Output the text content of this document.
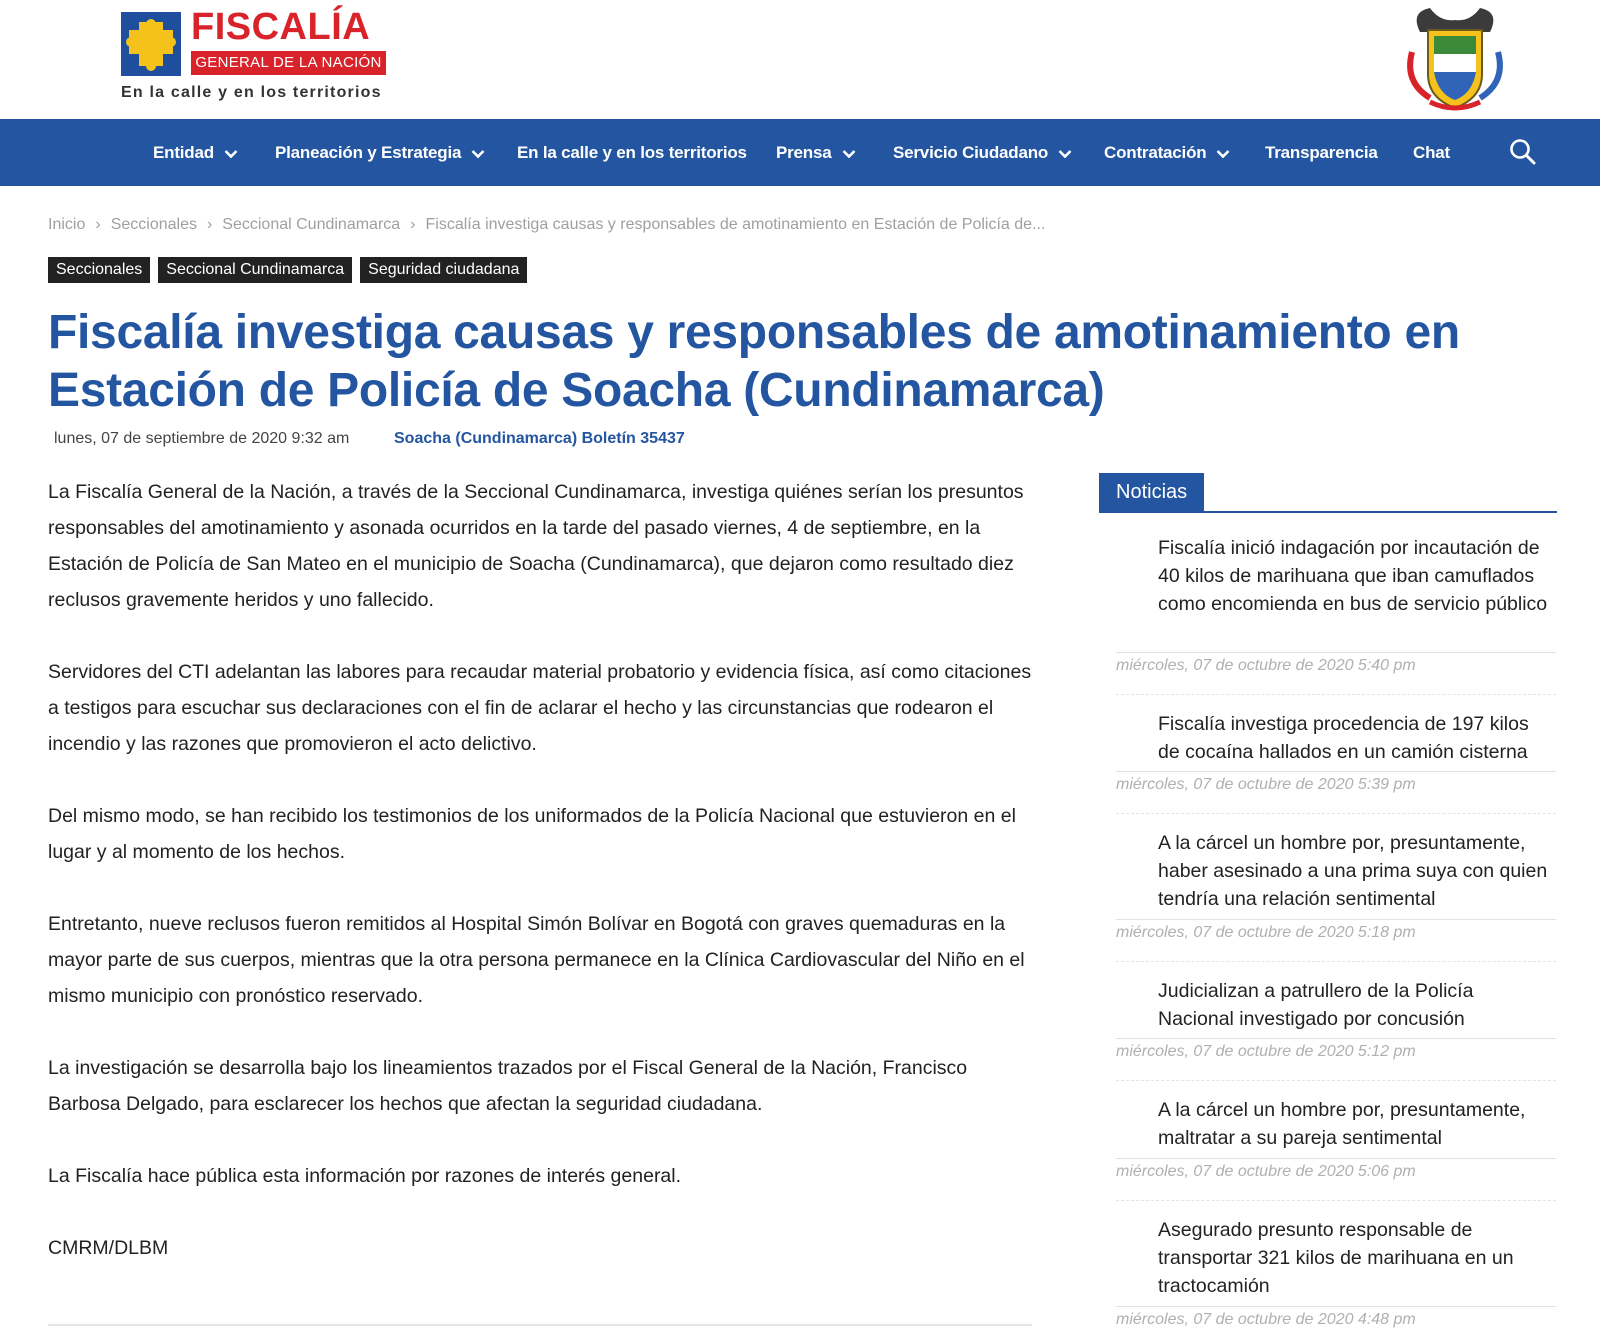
FISCALÍA
GENERAL DE LA NACIÓN
En la calle y en los territorios
Entidad	Planeación y Estrategia	En la calle y en los territorios Prensa	Servicio Ciudadano	Contratación	Transparencia Chat
Inicio › Seccionales › Seccional Cundinamarca › Fiscalía investiga causas y responsables de amotinamiento en Estación de Policía de...
Seccionales Seccional Cundinamarca Seguridad ciudadana
Fiscalía investiga causas y responsables de amotinamiento en Estación de Policía de Soacha (Cundinamarca)
lunes, 07 de septiembre de 2020 9:32 am	Soacha (Cundinamarca) Boletín 35437

La Fiscalía General de la Nación, a través de la Seccional Cundinamarca, investiga quiénes serían los presuntos responsables del amotinamiento y asonada ocurridos en la tarde del pasado viernes, 4 de septiembre, en la Estación de Policía de San Mateo en el municipio de Soacha (Cundinamarca), que dejaron como resultado diez reclusos gravemente heridos y uno fallecido.

Servidores del CTI adelantan las labores para recaudar material probatorio y evidencia física, así como citaciones a testigos para escuchar sus declaraciones con el fin de aclarar el hecho y las circunstancias que rodearon el incendio y las razones que promovieron el acto delictivo.

Del mismo modo, se han recibido los testimonios de los uniformados de la Policía Nacional que estuvieron en el lugar y al momento de los hechos.

Entretanto, nueve reclusos fueron remitidos al Hospital Simón Bolívar en Bogotá con graves quemaduras en la mayor parte de sus cuerpos, mientras que la otra persona permanece en la Clínica Cardiovascular del Niño en el mismo municipio con pronóstico reservado.

La investigación se desarrolla bajo los lineamientos trazados por el Fiscal General de la Nación, Francisco Barbosa Delgado, para esclarecer los hechos que afectan la seguridad ciudadana.

La Fiscalía hace pública esta información por razones de interés general.

CMRM/DLBM

Noticias
Fiscalía inició indagación por incautación de 40 kilos de marihuana que iban camuflados como encomienda en bus de servicio público
miércoles, 07 de octubre de 2020 5:40 pm
Fiscalía investiga procedencia de 197 kilos de cocaína hallados en un camión cisterna
miércoles, 07 de octubre de 2020 5:39 pm
A la cárcel un hombre por, presuntamente, haber asesinado a una prima suya con quien tendría una relación sentimental
miércoles, 07 de octubre de 2020 5:18 pm
Judicializan a patrullero de la Policía Nacional investigado por concusión
miércoles, 07 de octubre de 2020 5:12 pm
A la cárcel un hombre por, presuntamente, maltratar a su pareja sentimental
miércoles, 07 de octubre de 2020 5:06 pm
Asegurado presunto responsable de transportar 321 kilos de marihuana en un tractocamión
miércoles, 07 de octubre de 2020 4:48 pm
